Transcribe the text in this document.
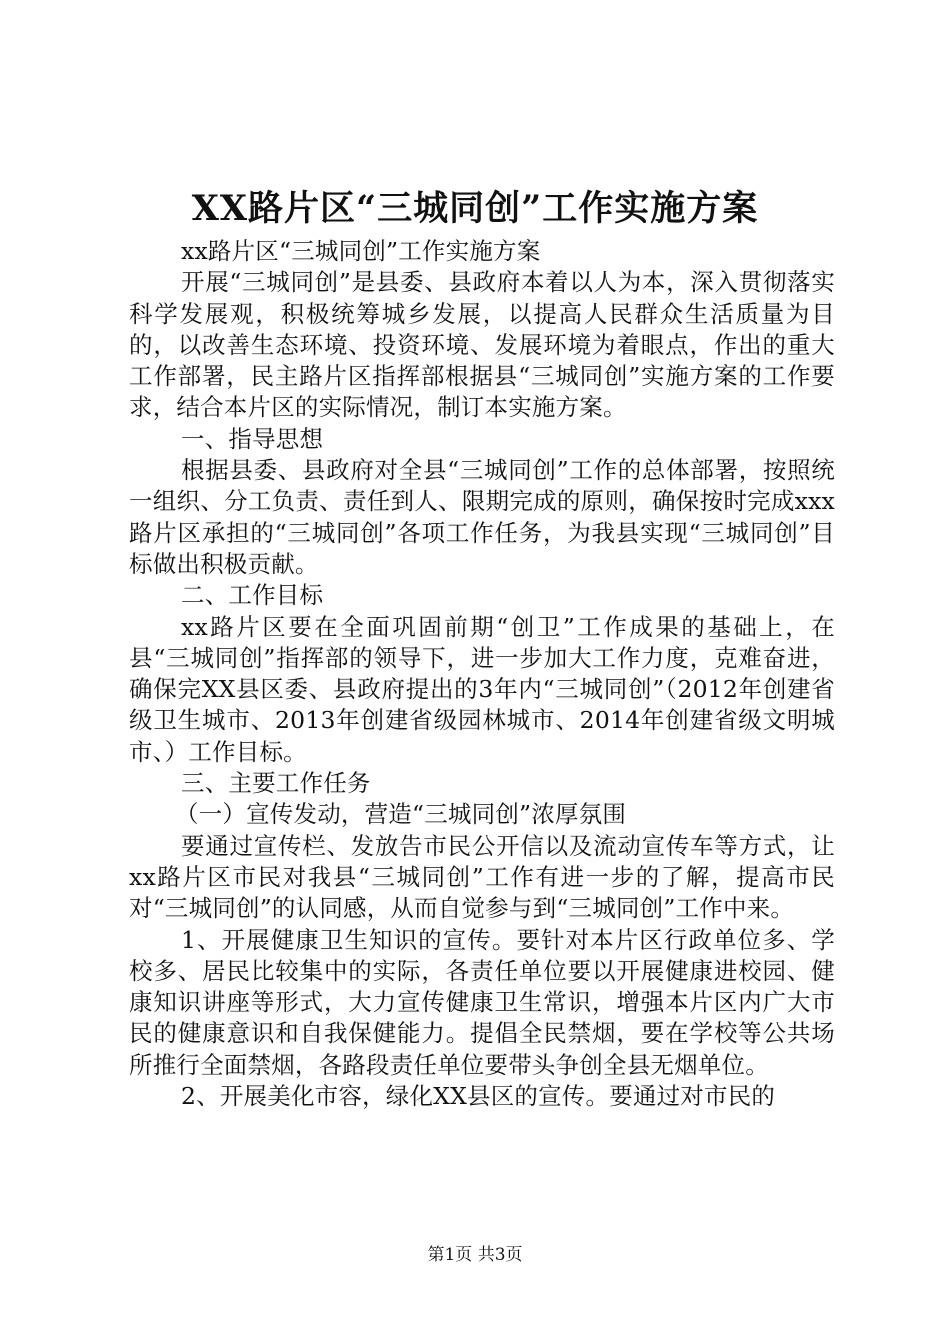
XX路片区“三城同创”工作实施方案

xx路片区“三城同创”工作实施方案

开展“三城同创”是县委、县政府本着以人为本，深入贯彻落实科学发展观，积极统筹城乡发展，以提高人民群众生活质量为目的，以改善生态环境、投资环境、发展环境为着眼点，作出的重大工作部署，民主路片区指挥部根据县“三城同创”实施方案的工作要求，结合本片区的实际情况，制订本实施方案。

一、指导思想

根据县委、县政府对全县“三城同创”工作的总体部署，按照统一组织、分工负责、责任到人、限期完成的原则，确保按时完成xxx路片区承担的“三城同创”各项工作任务，为我县实现“三城同创”目标做出积极贡献。

二、工作目标

xx路片区要在全面巩固前期“创卫”工作成果的基础上，在县“三城同创”指挥部的领导下，进一步加大工作力度，克难奋进，确保完XX县区委、县政府提出的3年内“三城同创”（2012年创建省级卫生城市、2013年创建省级园林城市、2014年创建省级文明城市、）工作目标。

三、主要工作任务

（一）宣传发动，营造“三城同创”浓厚氛围

要通过宣传栏、发放告市民公开信以及流动宣传车等方式，让xx路片区市民对我县“三城同创”工作有进一步的了解，提高市民对“三城同创”的认同感，从而自觉参与到“三城同创”工作中来。

1、开展健康卫生知识的宣传。要针对本片区行政单位多、学校多、居民比较集中的实际，各责任单位要以开展健康进校园、健康知识讲座等形式，大力宣传健康卫生常识，增强本片区内广大市民的健康意识和自我保健能力。提倡全民禁烟，要在学校等公共场所推行全面禁烟，各路段责任单位要带头争创全县无烟单位。

2、开展美化市容，绿化XX县区的宣传。要通过对市民的

第1页 共3页
